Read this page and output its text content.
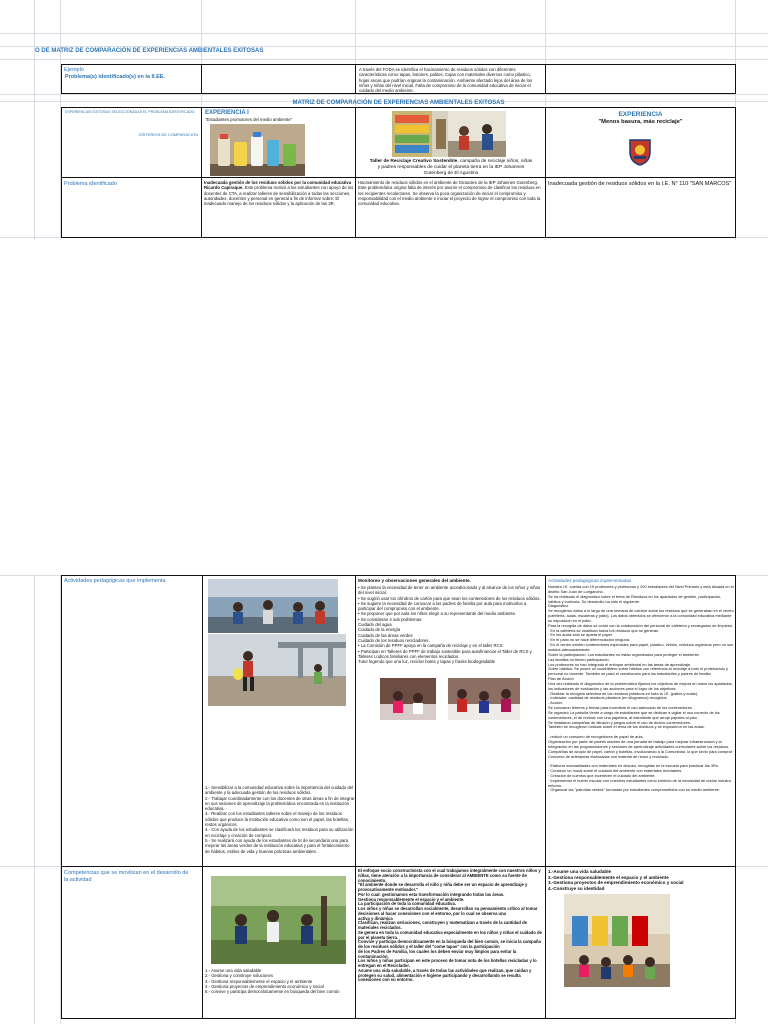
O DE MATRIZ DE COMPARACIÓN DE EXPERIENCIAS AMBIENTALES EXITOSAS
Ejemplo
Problema(s) identificado(s) en la II.EE.
A través del FODA se identifica el hacinamiento de residuos sólidos con diferentes características como tapas, botones, palitos. Cajas con materiales diversos como plástico, hojas secas que podrían originar la contaminación. Ambiente afectado lejos del área de los niños y niñas del nivel inicial. Falta de compromiso de la comunidad educativa de iniciar el cuidado del medio ambiente.
MATRIZ DE COMPARACIÓN DE EXPERIENCIAS AMBIENTALES EXITOSAS
EXPERIENCIAS EXITOSAS SELECCIONADAS EL PROBLEMA IDENTIFICADO
CRITERIOS DE COMPARACIÓN
EXPERIENCIA I
"Estudiantes promotores del medio ambiente"
Taller de Reciclaje Creativo Sostenible, campaña de reciclaje niños, niñas y padres responsables de cuidar el planeta tierra en la IEP Johannes Gutenberg de El Agustino
EXPERIENCIA
"Menos basura, más reciclaje"
Problema identificado	Inadecuada gestión de los residuos sólidos por la comunidad educativa Ricardo Capiraque. Este problema motivó a los estudiantes con apoyo de los docentes de CTA, a realizar talleres de sensibilización a todas las secciones, autoridades, docentes y personal en general a fin de informar sobre: El inadecuado manejo de los residuos sólidos y la aplicación de las 3R.
Hacinamiento de residuos sólidos en el ambiente de Girasoles de la IEP Johannes Gutenberg. Este problemática origina falta de interés por asumir el compromiso de clasificar los residuos en los recipientes recolectores. Se observa la poca organización de iniciar el compromiso y responsabilidad con el medio ambiente e iniciar el proyecto de lograr el compromiso con toda la comunidad educativa.
Inadecuada gestión de residuos sólidos en la I.E. N° 110 "SAN MARCOS"
Actividades pedagógicas que implementa
1.- Sensibilizar a la comunidad educativa sobre la importancia del cuidado del ambiente y la adecuada gestión de los residuos sólidos.
2.- Trabajar coordinadamente con los docentes de otras áreas a fin de integrar en sus sesiones de aprendizaje la problemática encontrada en la institución educativa.
3.- Realizar con los estudiantes talleres sobre el manejo de los residuos sólidos que produce la institución educativa como son el papel, las botellas, restos orgánicos.
4.- Con ayuda de los estudiantes se clasificará los residuos para su utilización en reciclaje y creación de compost.
5.- Se realizará con ayuda de los estudiantes de 5I de secundaria una para mejorar las áreas verdes de la institución educativa y para el fortalecimiento de hábitos, estilos de vida y buenas prácticas ambientales.
Monitoreo y observaciones generales del ambiente.
• Se planteo la necesidad de tener un ambiente acondicionado y al alcance de los niños y niñas del nivel inicial.
• Se sugirió usar los cilindros de cartón para que sean los contenedores de los residuos sólidos.
• Se sugiere la necesidad de convocar a los padres de familia por aula para motivarlos a participar del compromiso con el ambiente.
• Se proponer que por aula los niños elegir a su representante del medio ambiente.
• Se consideran 4 sub problemas:
Cuidado del agua
Cuidado de la energía
Cuidado de las áreas verdes
Cuidado de los residuos recicladores.
• La Comisión de PPFF apoya en la campaña de reciclaje y en el taller RCS
• Participan en Talleres de PPFF de trabajo sostenible para autofinanciar el Taller de RCS y Talleres Lúdicos familiares con elementos reciclados.
Tutor legendo que una luz, reciclar botes y tapas y frasks biodegradable
Actividades pedagógicas implementadas
Nuestra I.E. cuenta con 15 profesores y profesoras y 200 estudiantes del Nivel Primario y está situada en el distrito San Juan de Lurigancho.
Se ha realizado el diagnóstico sobre el tema de Residuos en los apartados de gestión, participación, hábitos y curricula. Su desarrollo ha sido el siguiente:
Diagnóstico
Se recogieron datos a lo largo de una semana de octubre sobre los residuos que se generaban en el centro (cafetería, aulas, escaleras y patio). Los datos obtenidos se ofrecieron a la comunidad educativa mediante su exposición en el patio.
Para la recogida de datos se contó con la colaboración del personal de cafetería y encargados de limpieza.
· En la cafetería se clasifican todos los residuos que se generan.
· En los aulas sólo se aparta el papel.
· En el patio no se hace diferenciación ninguna.
· En el centro existen contenedores especiales para papel, plástico, vidrios, residuos orgánicos pero no son usados adecuadamente.
Sobre la participación: Los estudiantes no están organizados para proteger el ambiente.
Las familias no tienen participación.
Los profesores no han integrado el enfoque ambiental en las áreas de aprendizaje.
Sobre hábitos: Se posee un cuadrilátero sobre hábitos con referencia al reciclaje a todo el profesorado y personal no docente. También se pasó el cuestionario para los estudiantes y padres de familia.
Plan de Acción
Una vez realizado el diagnóstico de la problemática fijamos los objetivos de mejora en todos los apartados, los indicadores de evaluación y las acciones para el logro de los objetivos:
- Realizar la recogida selectiva de los residuos plásticos en toda la I.E. (patios y aulas).
- Indicador: cantidad de residuos plásticos (en kilogramos) recogidos.
- Acción:
Se colocaron letreros y temas para incentivar el uso adecuado de los contenedores.
Se organizó La patrulla Verde a cargo de estudiantes que se dedican a vigilar el uso correcto de los contenedores, el de reciclar con una papelera, al estudiante que arroja papeles al piso.
Se instalaron campañas de difusión y juegos sobre el uso de dichos contenedores.
También se recogieron noticias sobre el tema de los residuos y se expusieron en las aulas.

- reducir un consumo de recogedores de papel de aula.
Organización por parte de padres madres de una jornada de trabajo para mejorar infraestructura y la
Integración en las programaciones y sesiones de aprendizaje actividades curriculares sobre los residuos.
Compañías de acopio de papel, cartón y botellas, involucrando a la Comunidad, lo que sirvió para comprar
Concurso de artesanías elaboradas con material de reuso y reciclado.

· Elaborar manualidades con materiales en desuso, recogidas en la escuela para practicar las 3Rs.
· Construir un mural sobre el cuidado del ambiente con materiales reciclables.
· Creación de cuentos que incentiven el cuidado del ambiente.
· Implementar el huerto escolar con nuestros estudiantes como símbolo de la necesidad de cuidar nuestro entorno.
· Organizar las "patrullas verdes" formadas por estudiantes comprometidos con su medio ambiente.
Competencias que se movilizan en el desarrollo de la actividad
1.- Asume una vida saludable
2.- Gestiona y construye soluciones
3.- Gestiona responsablemente el espacio y el ambiente
4.- Gestiona proyectos de emprendimiento económico y social
5.- convive y participa democráticamente en búsqueda del bien común
El enfoque socio constructivista con el cual trabajamos integralmente con nuestros niños y niñas, tiene atención a la importancia de considerar al AMBIENTE como su fuente de conocimiento.
"El ambiente donde se desarrolla el niño y niña debe ser un espacio de aprendizaje y provocativamente motivador."
Por lo cual: gestionamos esta transformación integrando todas las áreas.
Gestiona responsablemente el espacio y el ambiente.
La participación de toda la comunidad educativa.
Los niños y niñas se desarrollan socialmente, desarrollan su pensamiento crítico al tomar decisiones al hacer conexiones con el entorno, por lo cual se observa una
activa y dinámica
Clasifican, realizan seriaciones, construyen y matematizan a través de la cantidad de materiales reciclados.
Se genera en toda la comunidad educativa especialmente en los niños y niñas el cuidado de por el planeta tierra.
Convive y participa democráticamente en la búsqueda del bien común, se inicia la campaña de los residuos sólidos y el taller del "come tapas" con la participación
de los Padres de Familia, los cuales los deben enviar muy limpios para evitar la contaminación.
Los niños y niñas participan en este proceso de tomar nota de los botellas recicladas y lo entregan en el Reciclador.
Asume una vida saludable, a través de todas las actividades que realizan, que cuidan y protegen su salud, alimentación e higiene participando y desarrollando se resulta conexiones con su entorno.
1.-Asume una vida saludable
2.-Gestiona responsablemente el espacio y el ambiente
3.-Gestiona proyectos de emprendimiento económico y social
4.-Construye su identidad
